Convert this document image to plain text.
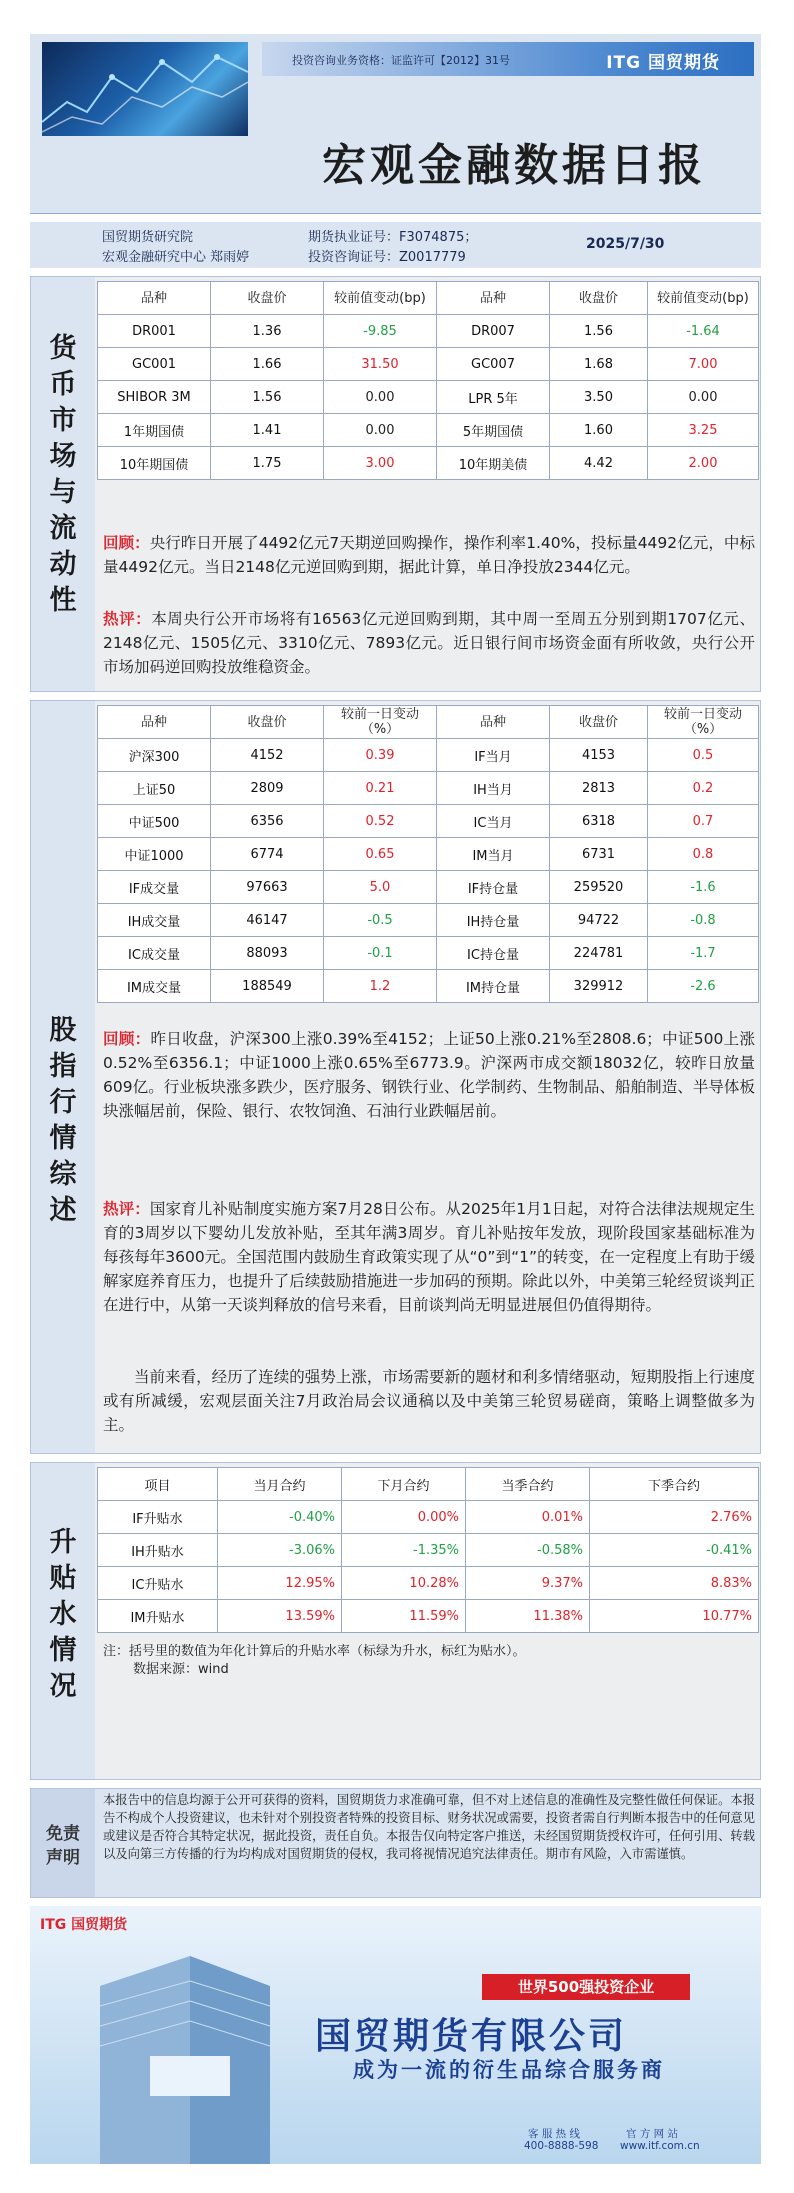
投资咨询业务资格：证监许可【2012】31号	ITG 国贸期货
宏观金融数据日报
国贸期货研究院
宏观金融研究中心 郑雨婷
期货执业证号：F3074875；
投资咨询证号：Z0017779
2025/7/30
货
币
市
场
与
流
动
性
品种	收盘价	较前值变动(bp)	品种	收盘价	较前值变动(bp)
DR001	1.36	-9.85	DR007	1.56	-1.64
GC001	1.66	31.50	GC007	1.68	7.00
SHIBOR 3M	1.56	0.00	LPR 5年	3.50	0.00
1年期国债	1.41	0.00	5年期国债	1.60	3.25
10年期国债	1.75	3.00	10年期美债	4.42	2.00
回顾：央行昨日开展了4492亿元7天期逆回购操作，操作利率1.40%，投标量4492亿元，中标量4492亿元。当日2148亿元逆回购到期，据此计算，单日净投放2344亿元。
热评：本周央行公开市场将有16563亿元逆回购到期，其中周一至周五分别到期1707亿元、2148亿元、1505亿元、3310亿元、7893亿元。近日银行间市场资金面有所收敛，央行公开市场加码逆回购投放维稳资金。
股
指
行
情
综
述
品种	收盘价	较前一日变动（%）	品种	收盘价	较前一日变动（%）
沪深300	4152	0.39	IF当月	4153	0.5
上证50	2809	0.21	IH当月	2813	0.2
中证500	6356	0.52	IC当月	6318	0.7
中证1000	6774	0.65	IM当月	6731	0.8
IF成交量	97663	5.0	IF持仓量	259520	-1.6
IH成交量	46147	-0.5	IH持仓量	94722	-0.8
IC成交量	88093	-0.1	IC持仓量	224781	-1.7
IM成交量	188549	1.2	IM持仓量	329912	-2.6
回顾：昨日收盘，沪深300上涨0.39%至4152；上证50上涨0.21%至2808.6；中证500上涨0.52%至6356.1；中证1000上涨0.65%至6773.9。沪深两市成交额18032亿，较昨日放量609亿。行业板块涨多跌少，医疗服务、钢铁行业、化学制药、生物制品、船舶制造、半导体板块涨幅居前，保险、银行、农牧饲渔、石油行业跌幅居前。
热评：国家育儿补贴制度实施方案7月28日公布。从2025年1月1日起，对符合法律法规规定生育的3周岁以下婴幼儿发放补贴，至其年满3周岁。育儿补贴按年发放，现阶段国家基础标准为每孩每年3600元。全国范围内鼓励生育政策实现了从“0”到“1”的转变，在一定程度上有助于缓解家庭养育压力，也提升了后续鼓励措施进一步加码的预期。除此以外，中美第三轮经贸谈判正在进行中，从第一天谈判释放的信号来看，目前谈判尚无明显进展但仍值得期待。
当前来看，经历了连续的强势上涨，市场需要新的题材和利多情绪驱动，短期股指上行速度或有所减缓，宏观层面关注7月政治局会议通稿以及中美第三轮贸易磋商，策略上调整做多为主。
升
贴
水
情
况
项目	当月合约	下月合约	当季合约	下季合约
IF升贴水	-0.40%	0.00%	0.01%	2.76%
IH升贴水	-3.06%	-1.35%	-0.58%	-0.41%
IC升贴水	12.95%	10.28%	9.37%	8.83%
IM升贴水	13.59%	11.59%	11.38%	10.77%
注：括号里的数值为年化计算后的升贴水率（标绿为升水，标红为贴水）。
数据来源：wind
免责
声明
本报告中的信息均源于公开可获得的资料，国贸期货力求准确可靠，但不对上述信息的准确性及完整性做任何保证。本报告不构成个人投资建议，也未针对个别投资者特殊的投资目标、财务状况或需要，投资者需自行判断本报告中的任何意见或建议是否符合其特定状况，据此投资，责任自负。本报告仅向特定客户推送，未经国贸期货授权许可，任何引用、转载以及向第三方传播的行为均构成对国贸期货的侵权，我司将视情况追究法律责任。期市有风险，入市需谨慎。
ITG 国贸期货
世界500强投资企业
国贸期货有限公司
成为一流的衍生品综合服务商
客 服 热 线
400-8888-598
官 方 网 站
www.itf.com.cn
